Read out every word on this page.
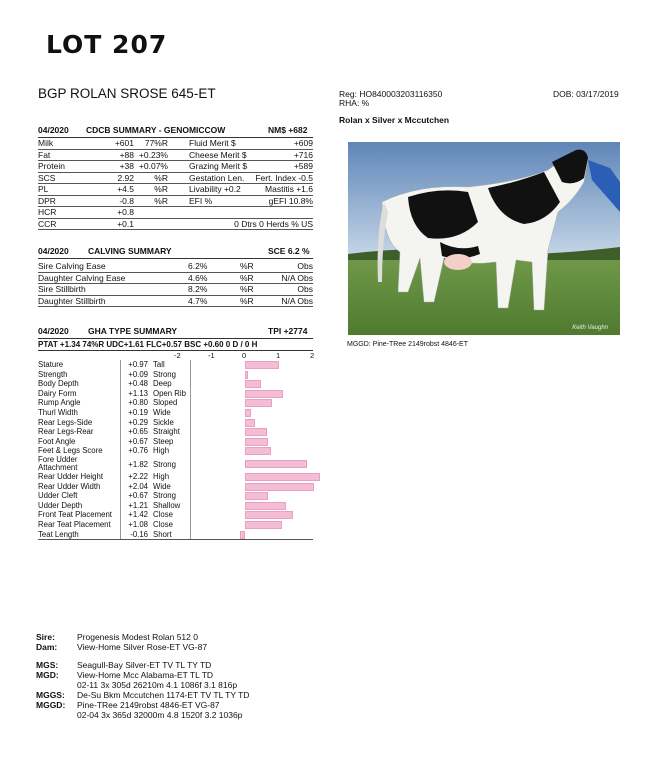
LOT 207
BGP ROLAN SROSE 645-ET	Reg: HO840003203116350
RHA: %
DOB: 03/17/2019
Rolan x Silver x Mccutchen
04/2020 CDCB SUMMARY - GENOMICCOW	NM$ +682
Milk	+601 77%R Fluid Merit $	+609
Fat	+88 +0.23% Cheese Merit $	+716
Protein	+38 +0.07% Grazing Merit $	+589
SCS	2.92 %R Gestation Len. Fert. Index -0.5
PL	+4.5 %R Livability +0.2	Mastitis +1.6
DPR	-0.8 %R EFI %	gEFI 10.8%
HCR	+0.8
CCR	+0.1	0 Dtrs 0 Herds % US
04/2020 CALVING SUMMARY	SCE 6.2 %
Sire Calving Ease	6.2%	%R	Obs
Daughter Calving Ease	4.6%	%R	N/A Obs
Sire Stillbirth	8.2%	%R	Obs
Daughter Stillbirth	4.7%	%R	N/A Obs
04/2020 GHA TYPE SUMMARY	TPI +2774
PTAT +1.34 74%R UDC+1.61 FLC+0.57 BSC +0.60 0 D / 0 H
-2	-1	0	1	2
Stature	+0.97 Tall
Strength	+0.09 Strong
Body Depth	+0.48 Deep
Dairy Form	+1.13 Open Rib
Rump Angle	+0.80 Sloped
Thurl Width	+0.19 Wide
Rear Legs-Side	+0.29 Sickle
Rear Legs-Rear	+0.65 Straight
Foot Angle	+0.67 Steep
Feet & Legs Score	+0.76 High
Fore Udder Attachment	+1.82 Strong
Rear Udder Height	+2.22 High
Rear Udder Width	+2.04 Wide
Udder Cleft	+0.67 Strong
Udder Depth	+1.21 Shallow
Front Teat Placement +1.42 Close
Rear Teat Placement +1.08 Close
Teat Length	-0.16 Short
Keith Vaughn
MGGD: Pine-TRee 2149robst 4846-ET
Sire:	Progenesis Modest Rolan 512 0
Dam: View-Home Silver Rose-ET VG-87
MGS: Seagull-Bay Silver-ET TV TL TY TD
MGD: View-Home Mcc Alabama-ET TL TD
02-11 3x 305d 26210m 4.1 1086f 3.1 816p
MGGS: De-Su Bkm Mccutchen 1174-ET TV TL TY TD
MGGD: Pine-TRee 2149robst 4846-ET VG-87
02-04 3x 365d 32000m 4.8 1520f 3.2 1036p
